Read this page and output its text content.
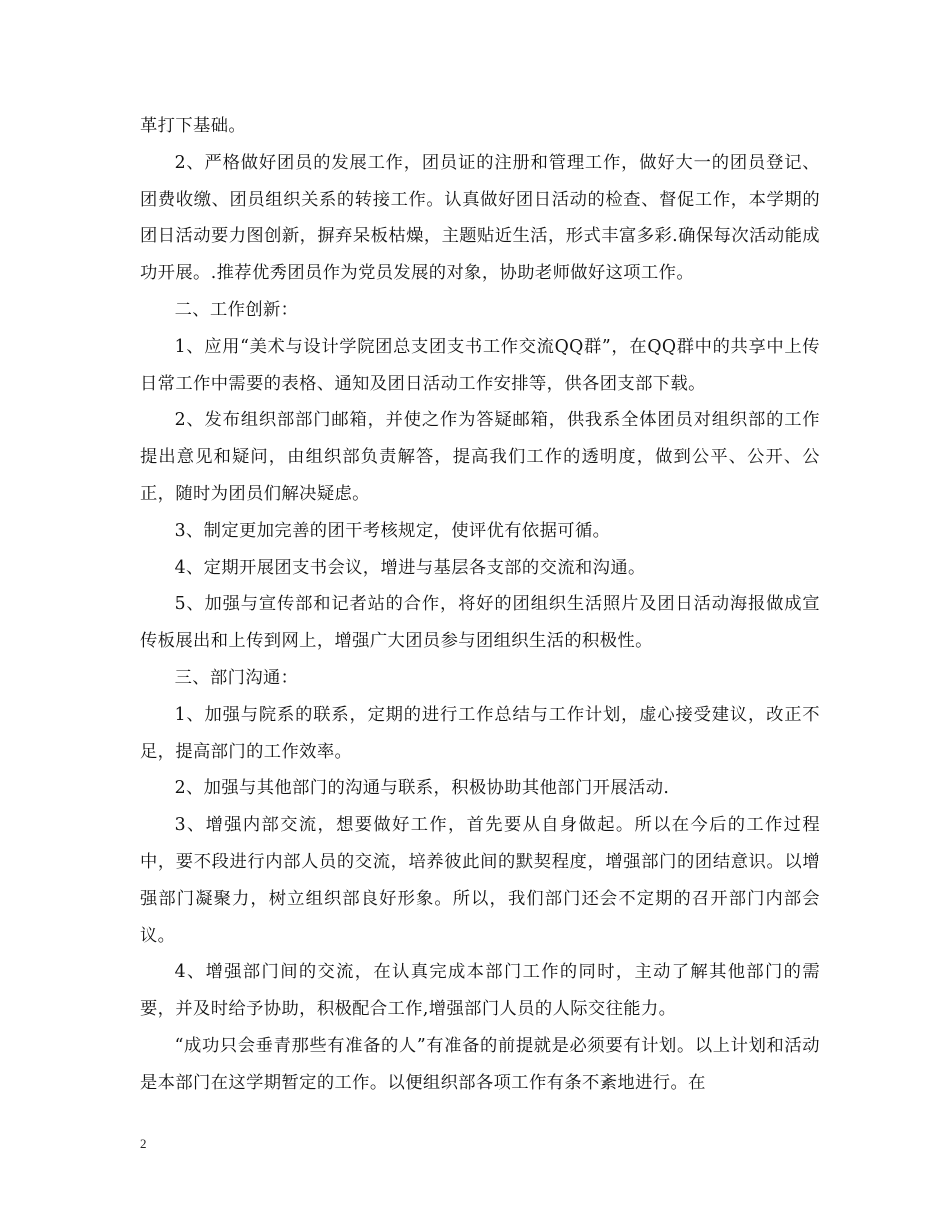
革打下基础。

2、严格做好团员的发展工作，团员证的注册和管理工作，做好大一的团员登记、团费收缴、团员组织关系的转接工作。认真做好团日活动的检查、督促工作，本学期的团日活动要力图创新，摒弃呆板枯燥，主题贴近生活，形式丰富多彩.确保每次活动能成功开展。.推荐优秀团员作为党员发展的对象，协助老师做好这项工作。

二、工作创新：

1、应用“美术与设计学院团总支团支书工作交流QQ群”，在QQ群中的共享中上传日常工作中需要的表格、通知及团日活动工作安排等，供各团支部下载。

2、发布组织部部门邮箱，并使之作为答疑邮箱，供我系全体团员对组织部的工作提出意见和疑问，由组织部负责解答，提高我们工作的透明度，做到公平、公开、公正，随时为团员们解决疑虑。

3、制定更加完善的团干考核规定，使评优有依据可循。

4、定期开展团支书会议，增进与基层各支部的交流和沟通。

5、加强与宣传部和记者站的合作，将好的团组织生活照片及团日活动海报做成宣传板展出和上传到网上，增强广大团员参与团组织生活的积极性。

三、部门沟通：

1、加强与院系的联系，定期的进行工作总结与工作计划，虚心接受建议，改正不足，提高部门的工作效率。

2、加强与其他部门的沟通与联系，积极协助其他部门开展活动.

3、增强内部交流，想要做好工作，首先要从自身做起。所以在今后的工作过程中，要不段进行内部人员的交流，培养彼此间的默契程度，增强部门的团结意识。以增强部门凝聚力，树立组织部良好形象。所以，我们部门还会不定期的召开部门内部会议。

4、增强部门间的交流，在认真完成本部门工作的同时，主动了解其他部门的需要，并及时给予协助，积极配合工作,增强部门人员的人际交往能力。

“成功只会垂青那些有准备的人”有准备的前提就是必须要有计划。以上计划和活动是本部门在这学期暂定的工作。以便组织部各项工作有条不紊地进行。在

2
